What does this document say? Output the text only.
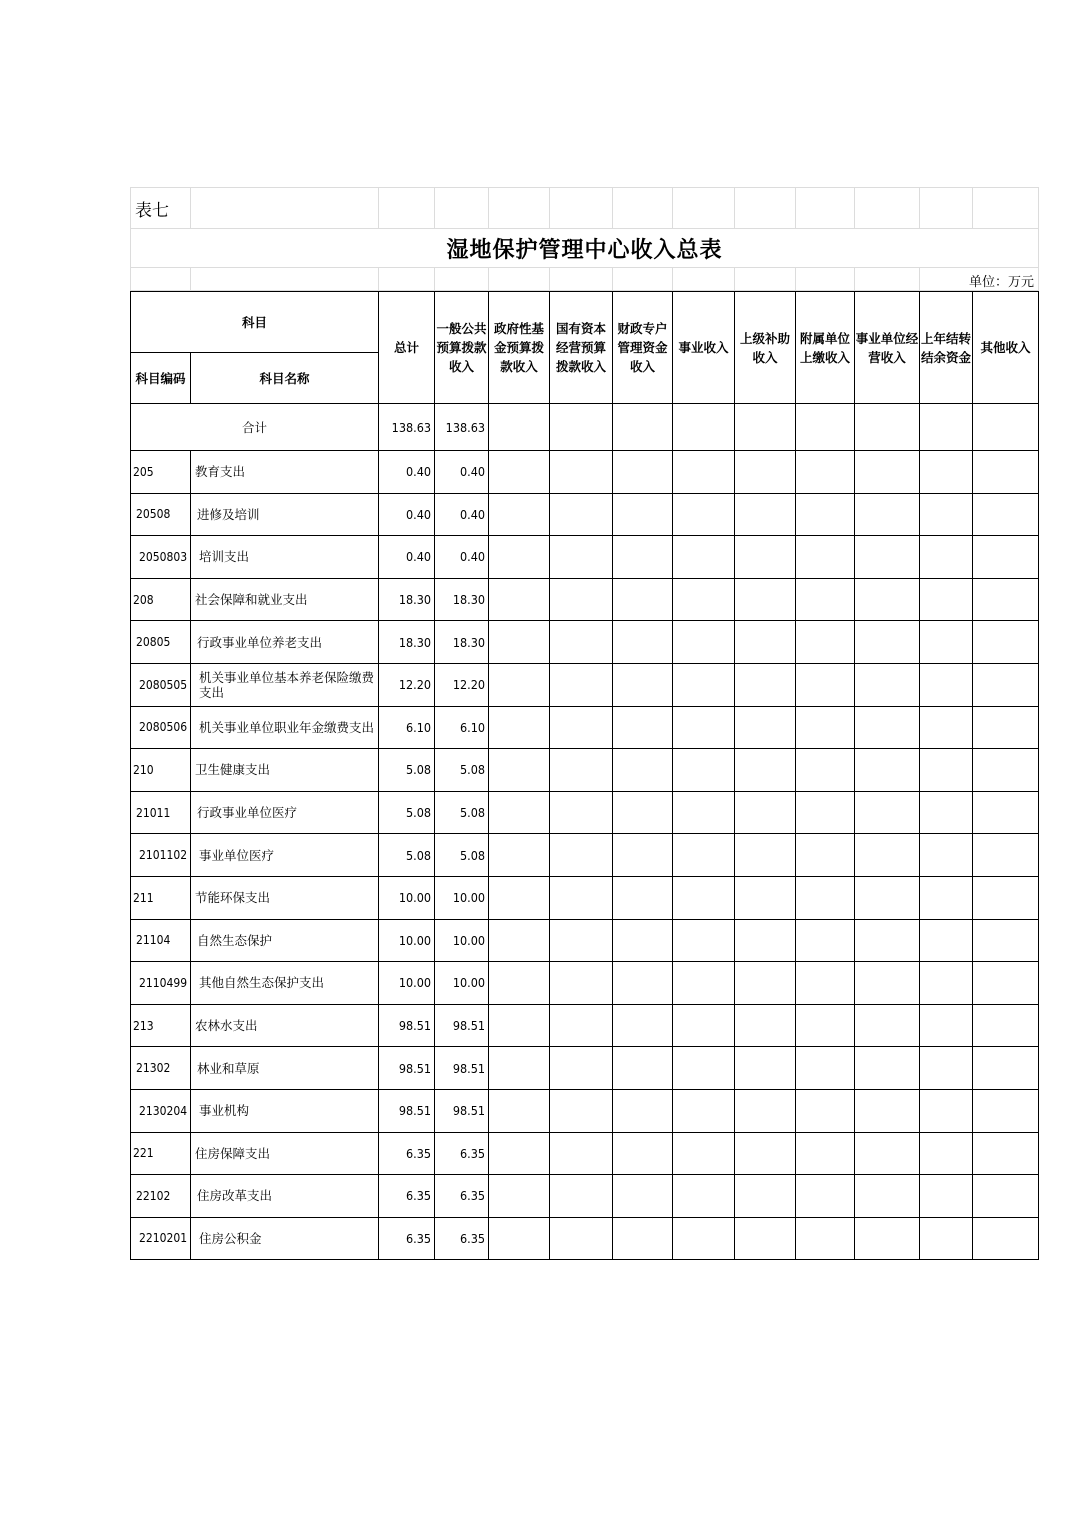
表七												
湿地保护管理中心收入总表												
											单位：万元	
科目		总计	一般公共预算拨款收入	政府性基金预算拨款收入	国有资本经营预算拨款收入	财政专户管理资金收入	事业收入	上级补助收入	附属单位上缴收入	事业单位经营收入	上年结转结余资金	其他收入
科目编码	科目名称											
合计		138.63	138.63									
205	教育支出	0.40	0.40									
20508	进修及培训	0.40	0.40									
2050803	培训支出	0.40	0.40									
208	社会保障和就业支出	18.30	18.30									
20805	行政事业单位养老支出	18.30	18.30									
2080505	机关事业单位基本养老保险缴费支出	12.20	12.20									
2080506	机关事业单位职业年金缴费支出	6.10	6.10									
210	卫生健康支出	5.08	5.08									
21011	行政事业单位医疗	5.08	5.08									
2101102	事业单位医疗	5.08	5.08									
211	节能环保支出	10.00	10.00									
21104	自然生态保护	10.00	10.00									
2110499	其他自然生态保护支出	10.00	10.00									
213	农林水支出	98.51	98.51									
21302	林业和草原	98.51	98.51									
2130204	事业机构	98.51	98.51									
221	住房保障支出	6.35	6.35									
22102	住房改革支出	6.35	6.35									
2210201	住房公积金	6.35	6.35									
